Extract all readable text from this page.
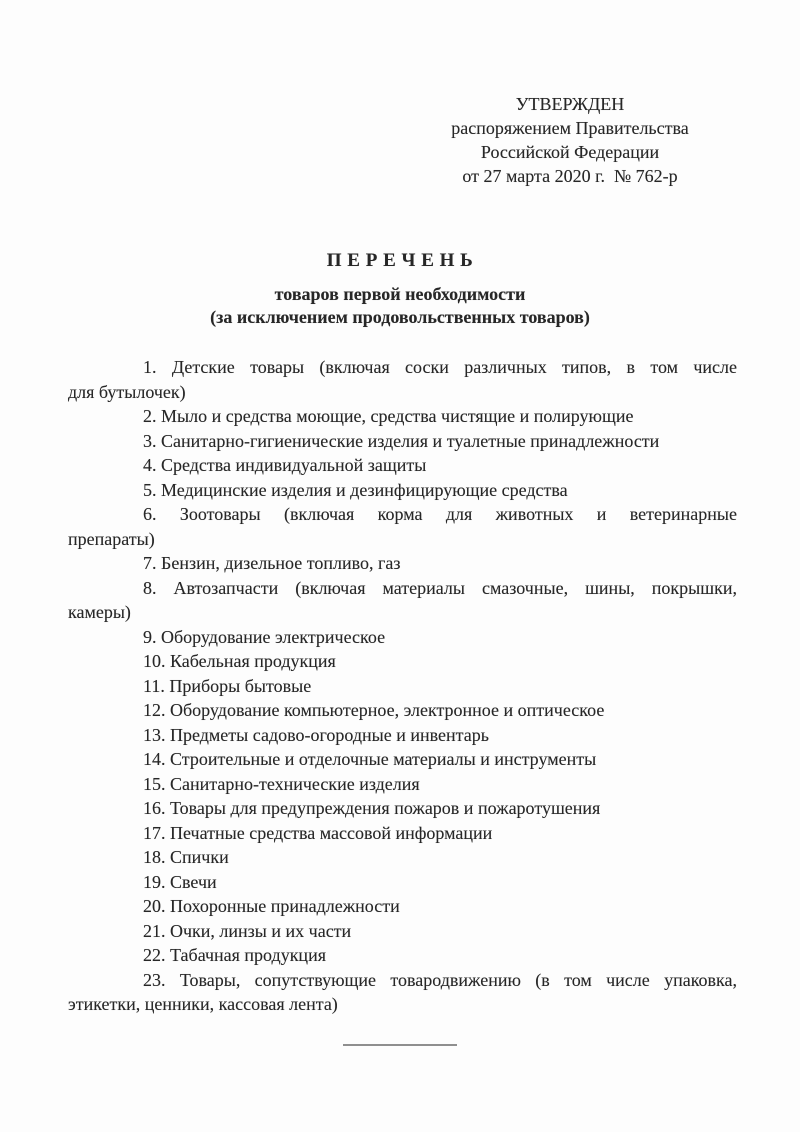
УТВЕРЖДЕН
распоряжением Правительства
Российской Федерации
от 27 марта 2020 г.  № 762-р
П Е Р Е Ч Е Н Ь
товаров первой необходимости
(за исключением продовольственных товаров)
1. Детские товары (включая соски различных типов, в том числе
для бутылочек)
2. Мыло и средства моющие, средства чистящие и полирующие
3. Санитарно-гигиенические изделия и туалетные принадлежности
4. Средства индивидуальной защиты
5. Медицинские изделия и дезинфицирующие средства
6. Зоотовары (включая корма для животных и ветеринарные
препараты)
7. Бензин, дизельное топливо, газ
8. Автозапчасти (включая материалы смазочные, шины, покрышки,
камеры)
9. Оборудование электрическое
10. Кабельная продукция
11. Приборы бытовые
12. Оборудование компьютерное, электронное и оптическое
13. Предметы садово-огородные и инвентарь
14. Строительные и отделочные материалы и инструменты
15. Санитарно-технические изделия
16. Товары для предупреждения пожаров и пожаротушения
17. Печатные средства массовой информации
18. Спички
19. Свечи
20. Похоронные принадлежности
21. Очки, линзы и их части
22. Табачная продукция
23. Товары, сопутствующие товародвижению (в том числе упаковка,
этикетки, ценники, кассовая лента)
